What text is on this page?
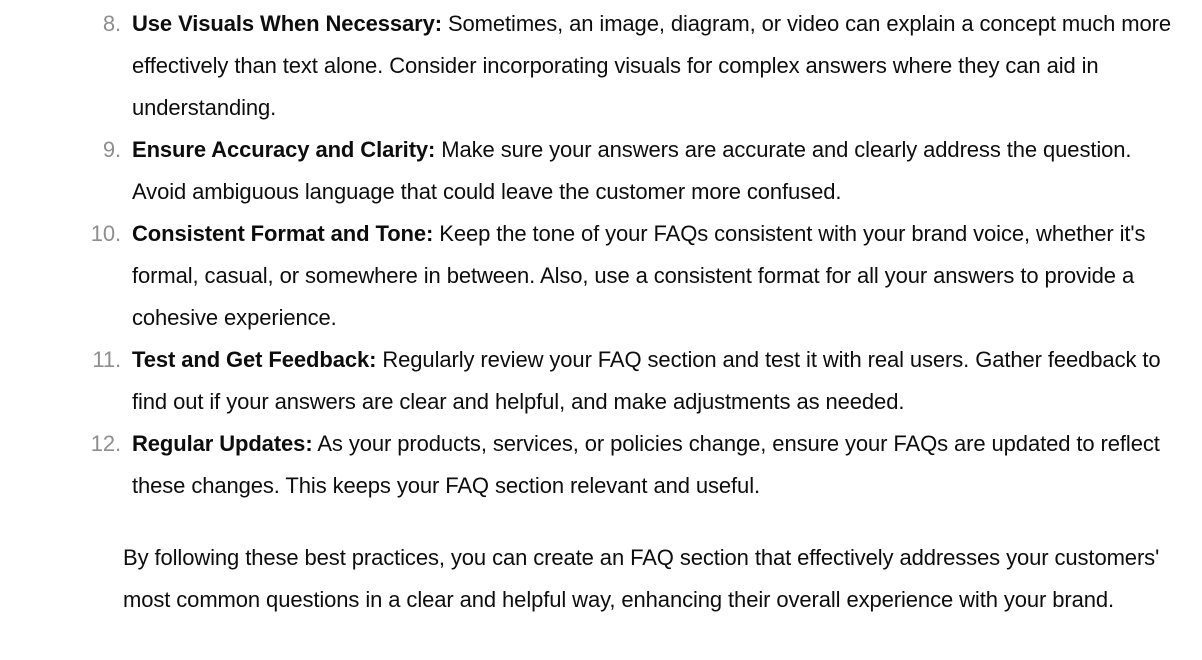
8. Use Visuals When Necessary: Sometimes, an image, diagram, or video can explain a concept much more effectively than text alone. Consider incorporating visuals for complex answers where they can aid in understanding.
9. Ensure Accuracy and Clarity: Make sure your answers are accurate and clearly address the question. Avoid ambiguous language that could leave the customer more confused.
10. Consistent Format and Tone: Keep the tone of your FAQs consistent with your brand voice, whether it's formal, casual, or somewhere in between. Also, use a consistent format for all your answers to provide a cohesive experience.
11. Test and Get Feedback: Regularly review your FAQ section and test it with real users. Gather feedback to find out if your answers are clear and helpful, and make adjustments as needed.
12. Regular Updates: As your products, services, or policies change, ensure your FAQs are updated to reflect these changes. This keeps your FAQ section relevant and useful.

By following these best practices, you can create an FAQ section that effectively addresses your customers' most common questions in a clear and helpful way, enhancing their overall experience with your brand.
